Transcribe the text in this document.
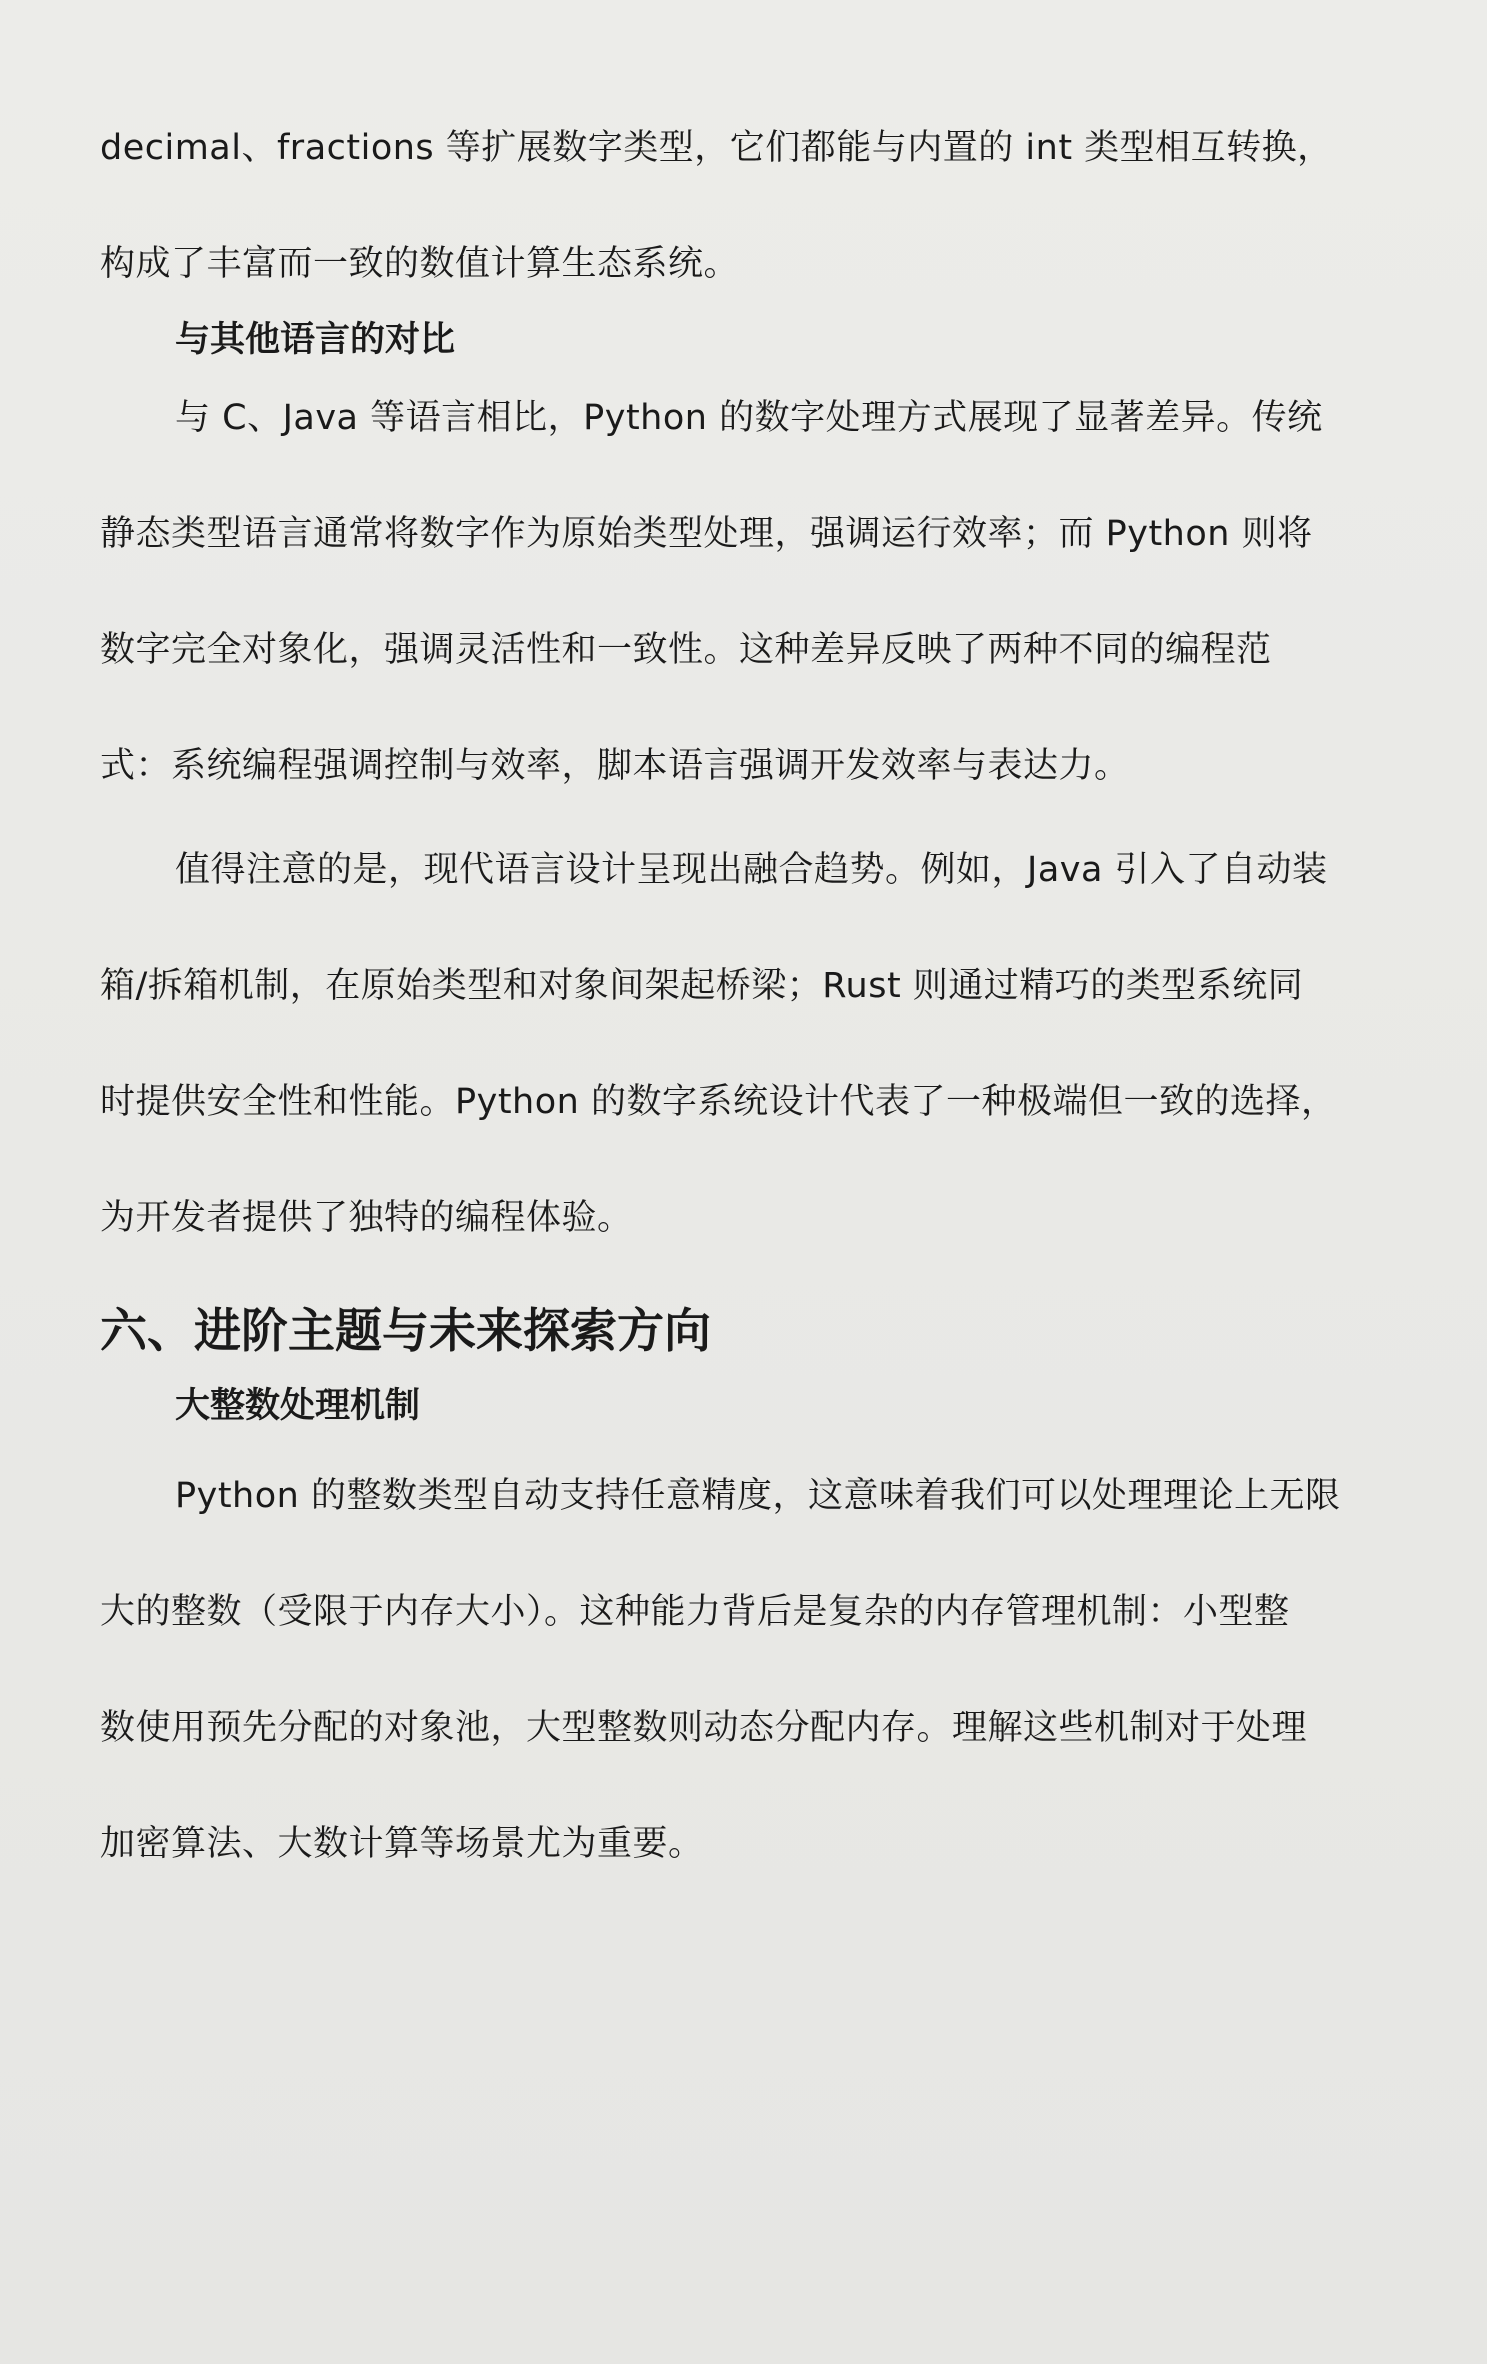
decimal、fractions 等扩展数字类型，它们都能与内置的 int 类型相互转换，
构成了丰富而一致的数值计算生态系统。

与其他语言的对比

与 C、Java 等语言相比，Python 的数字处理方式展现了显著差异。传统
静态类型语言通常将数字作为原始类型处理，强调运行效率；而 Python 则将
数字完全对象化，强调灵活性和一致性。这种差异反映了两种不同的编程范
式：系统编程强调控制与效率，脚本语言强调开发效率与表达力。

值得注意的是，现代语言设计呈现出融合趋势。例如，Java 引入了自动装
箱/拆箱机制，在原始类型和对象间架起桥梁；Rust 则通过精巧的类型系统同
时提供安全性和性能。Python 的数字系统设计代表了一种极端但一致的选择，
为开发者提供了独特的编程体验。

六、进阶主题与未来探索方向
大整数处理机制

Python 的整数类型自动支持任意精度，这意味着我们可以处理理论上无限
大的整数（受限于内存大小）。这种能力背后是复杂的内存管理机制：小型整
数使用预先分配的对象池，大型整数则动态分配内存。理解这些机制对于处理
加密算法、大数计算等场景尤为重要。
